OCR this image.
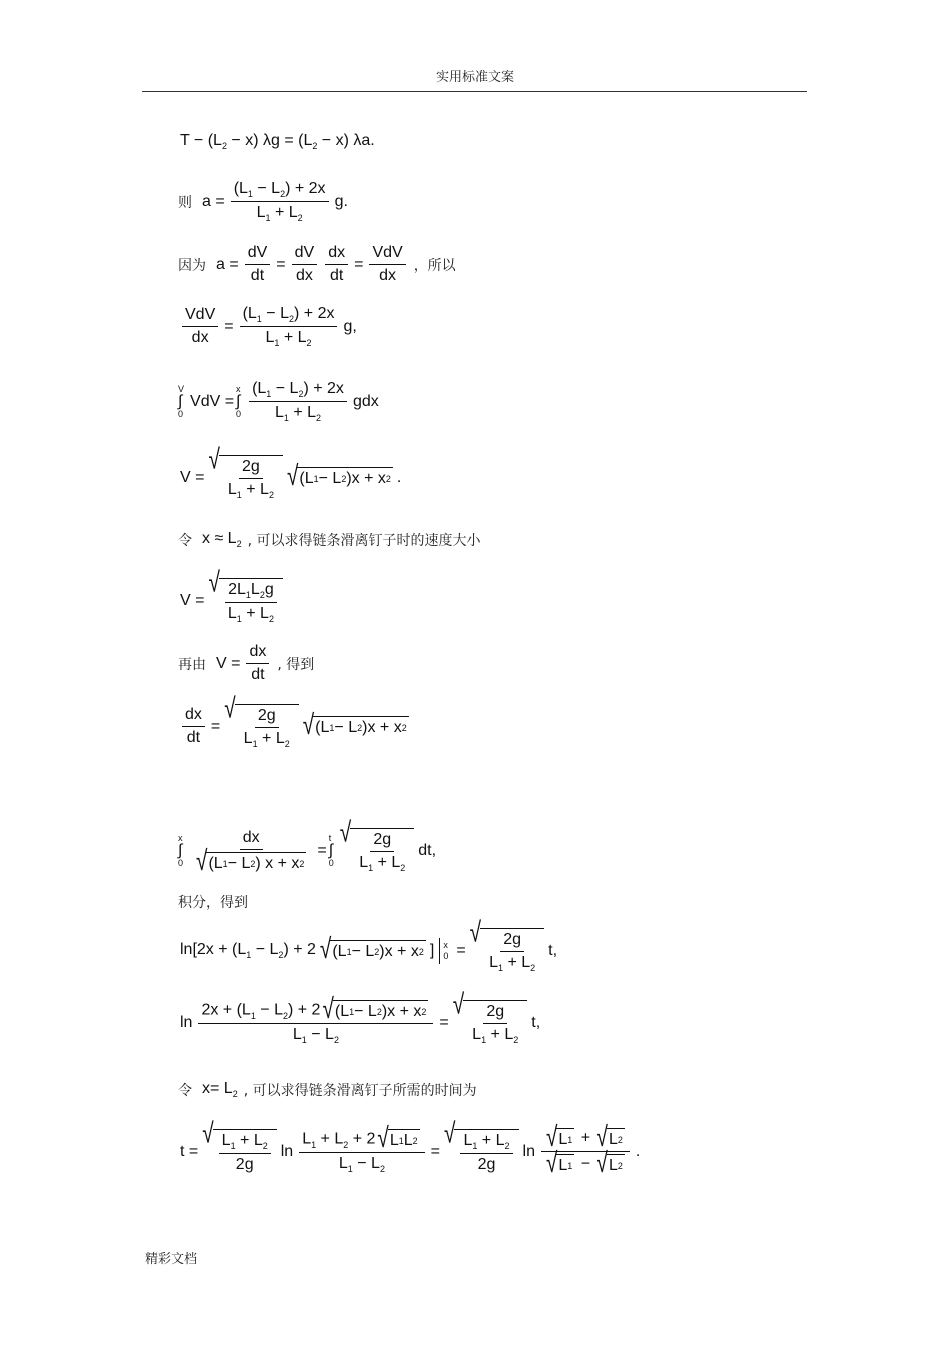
实用标准文案
$T - (L_2 - x) \lambda g = (L_2 - x)$ λa.
则 $a = \frac{(L_1 - L_2) + 2x}{L_1 + L_2} g$.
因为 $a = \frac{dV}{dt} = \frac{dV}{dx} \frac{dx}{dt} = \frac{\text{VdV}}{dx}$ ，所以
$\frac{\text{VdV}}{dx} = \frac{(L_1 - L_2) + 2x}{L_1 + L_2} g$,
V
∫
0
VdV =
x
∫
$0 \frac{(L_1 - L_2) + 2x}{L_1 + L_2}$ gdx
V =
√ $\frac{2g}{L_1 + L_2}$ √ (L 1 − L 2 )x + x 2 .
令 $x \approx L_2$ , 可以求得链条滑离钉子时的速度大小
V =
√ $\frac{2L_1L_2g}{L_1 + L_2}$
再由 $V = \frac{dx}{dt}$ , 得到
$\frac{dx}{dt}$ =
√ $\frac{2g}{L_1 + L_2}$ √ (L 1 − L 2 )x + x 2
x
∫
$0 \frac{dx}{√ (L 1 - L 2 ) x + x 2}$ =
t
∫
0
√ $\frac{2g}{L_1 + L_2}$ dt,
积分，得到
$\ln[2x + (L_1 - L_2) + 2$ √ (L 1 − L 2 )x + x 2 ] x
0 =
√ $\frac{2g}{L_1 + L_2} t$,
$\ln \frac{2x + (L_1 - L_2) + 2 √ (L 1 - L 2 )x + x 2}{L_1 - L_2}$ =
√ $\frac{2g}{L_1 + L_2} t$,
令 $x= L_2$ , 可以求得链条滑离钉子所需的时间为
t =
√ $\frac{L_1 + L_2}{2g}$ $\ln \frac{L_1 + L_2 + 2 √ L 1 L 2}{L_1 - L_2}$ =
√ $\frac{L_1 + L_2}{2g}$ $\ln \frac{√ L 1 + √ L 2}{√ L 1 - √ L 2}$ .
精彩文档
